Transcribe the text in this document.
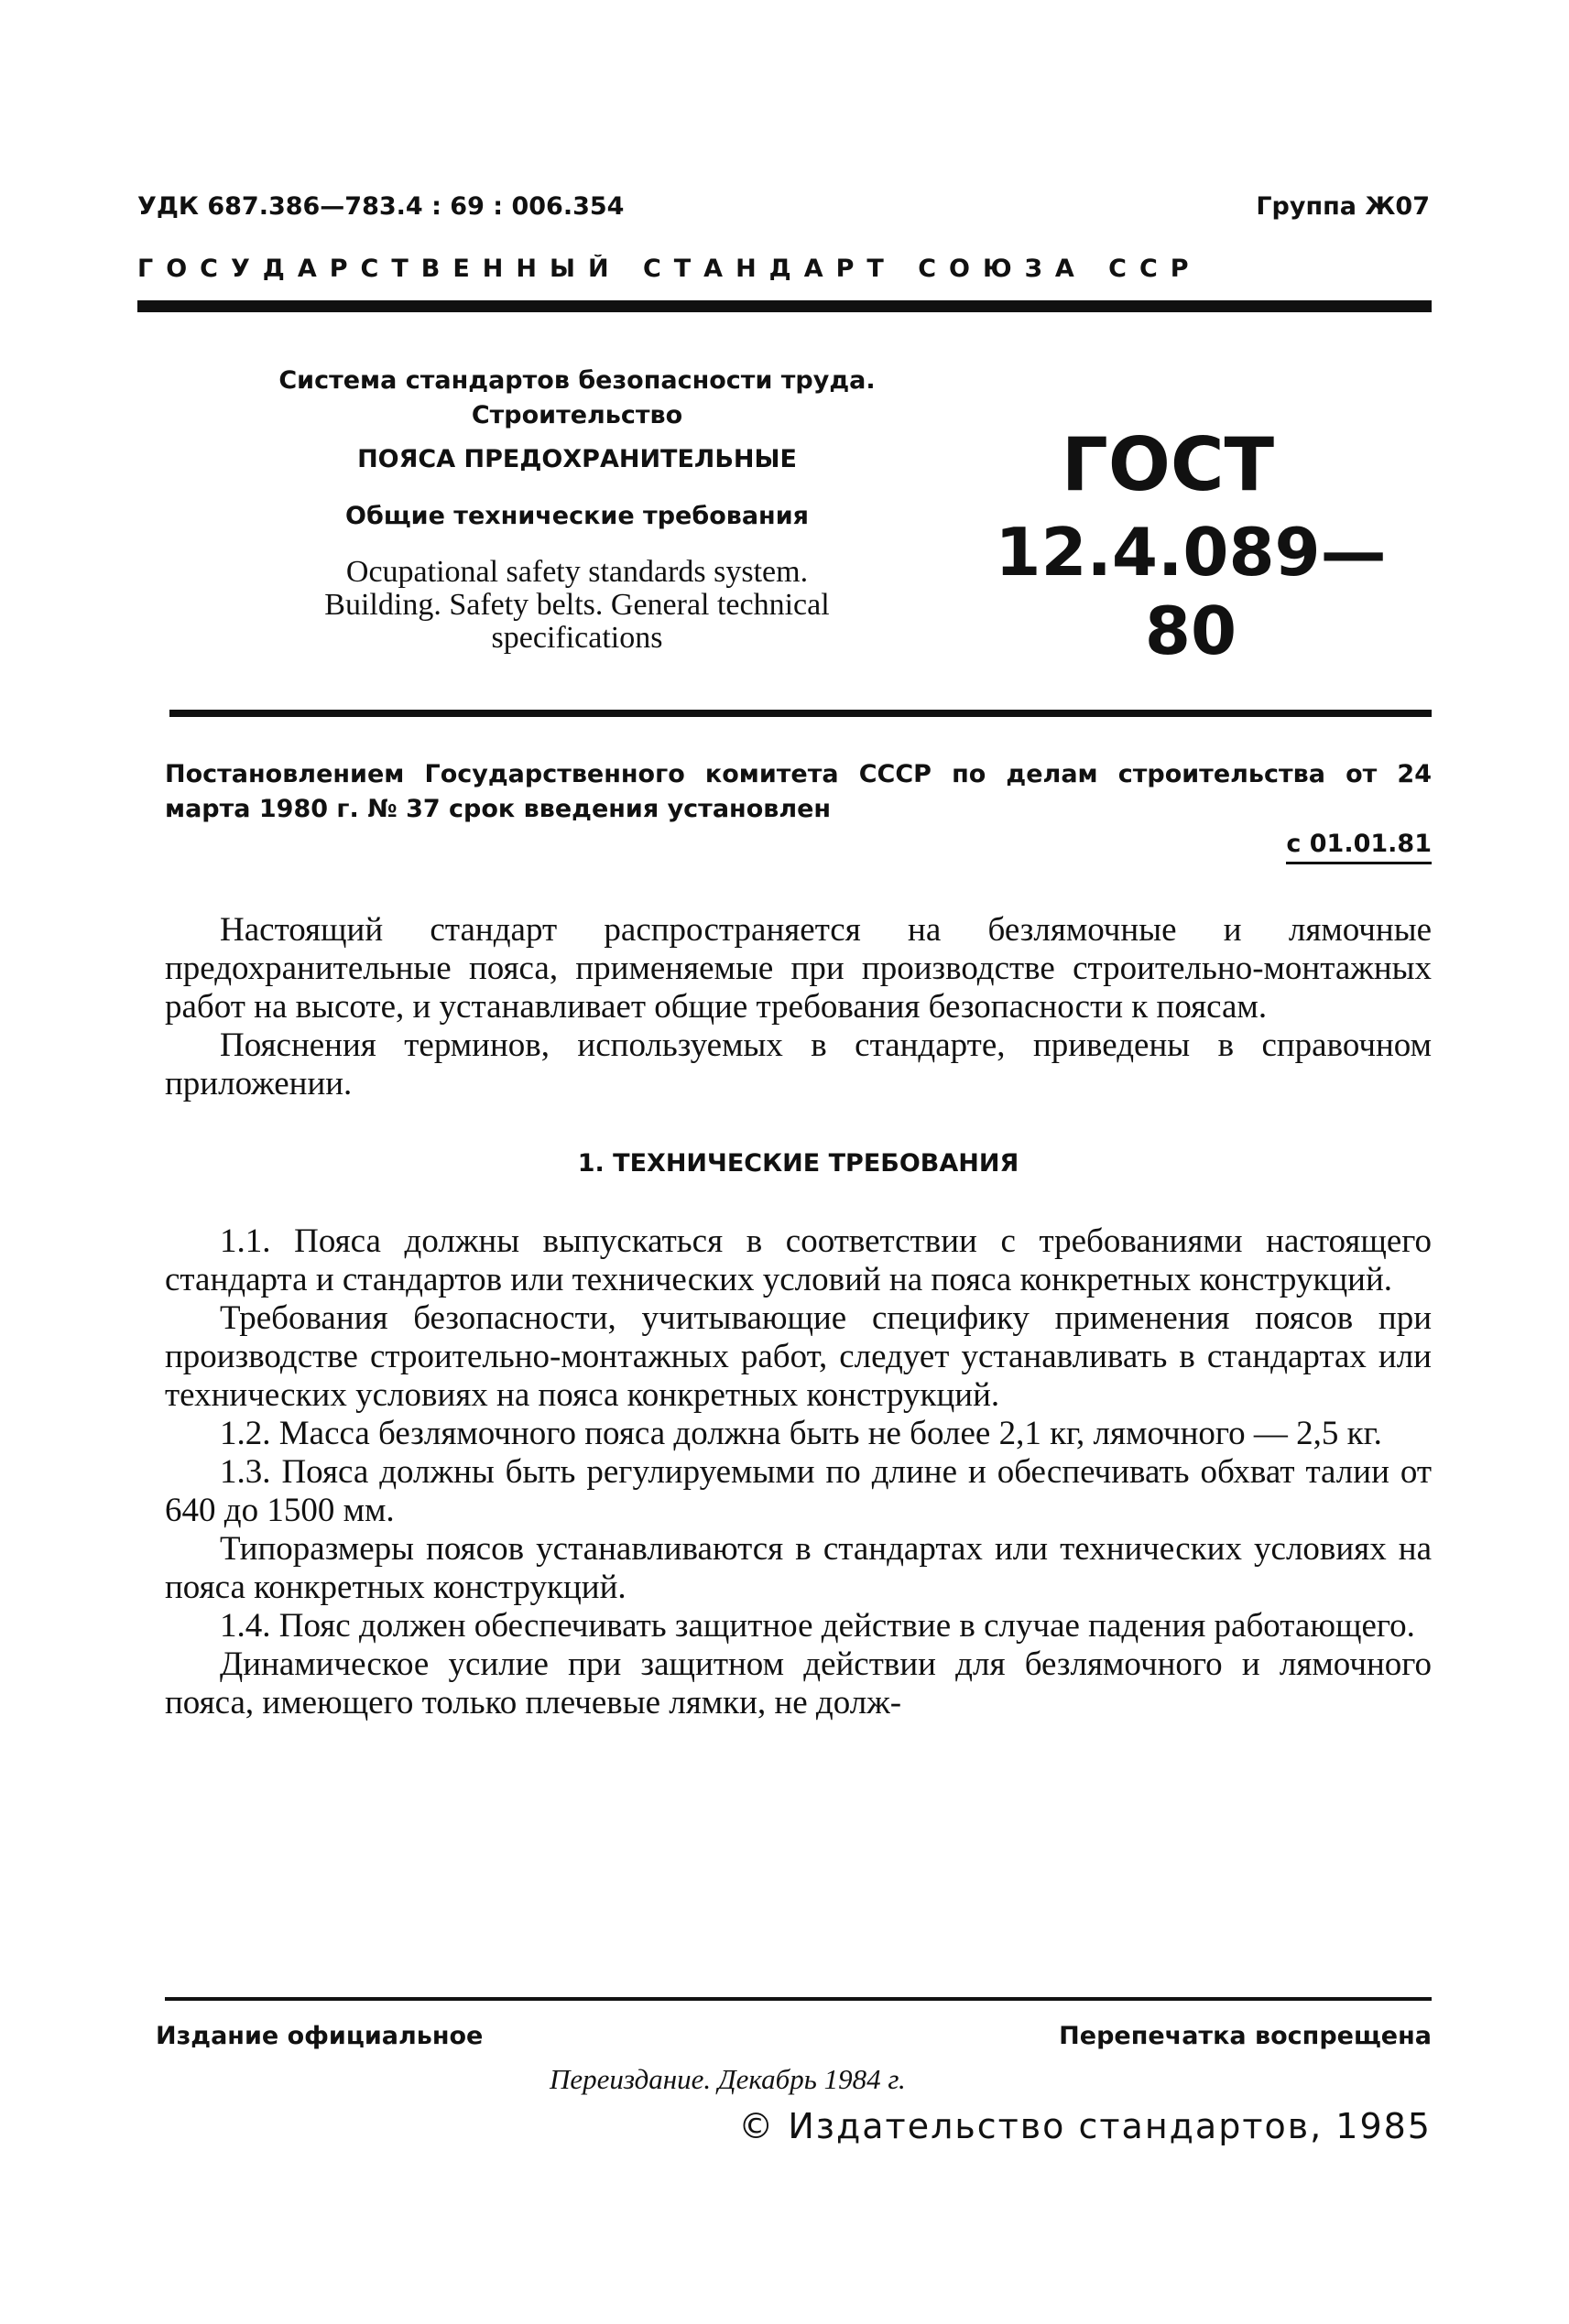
УДК 687.386—783.4 : 69 : 006.354	Группа Ж07
ГОСУДАРСТВЕННЫЙ СТАНДАРТ СОЮЗА ССР
Система стандартов безопасности труда.
Строительство
ПОЯСА ПРЕДОХРАНИТЕЛЬНЫЕ
Общие технические требования
Ocupational safety standards system.
Building. Safety belts. General technical
specifications
ГОСТ
12.4.089—80
Постановлением Государственного комитета СССР по делам строительства от 24 марта 1980 г. № 37 срок введения установлен
с 01.01.81

Настоящий стандарт распространяется на безлямочные и лямочные предохранительные пояса, применяемые при производстве строительно-монтажных работ на высоте, и устанавливает общие требования безопасности к поясам.

Пояснения терминов, используемых в стандарте, приведены в справочном приложении.

1. ТЕХНИЧЕСКИЕ ТРЕБОВАНИЯ

1.1. Пояса должны выпускаться в соответствии с требованиями настоящего стандарта и стандартов или технических условий на пояса конкретных конструкций.

Требования безопасности, учитывающие специфику применения поясов при производстве строительно-монтажных работ, следует устанавливать в стандартах или технических условиях на пояса конкретных конструкций.

1.2. Масса безлямочного пояса должна быть не более 2,1 кг, лямочного — 2,5 кг.

1.3. Пояса должны быть регулируемыми по длине и обеспечивать обхват талии от 640 до 1500 мм.

Типоразмеры поясов устанавливаются в стандартах или технических условиях на пояса конкретных конструкций.

1.4. Пояс должен обеспечивать защитное действие в случае падения работающего.

Динамическое усилие при защитном действии для безлямочного и лямочного пояса, имеющего только плечевые лямки, не долж-

Издание официальное	Перепечатка воспрещена
Переиздание. Декабрь 1984 г.
© Издательство стандартов, 1985
